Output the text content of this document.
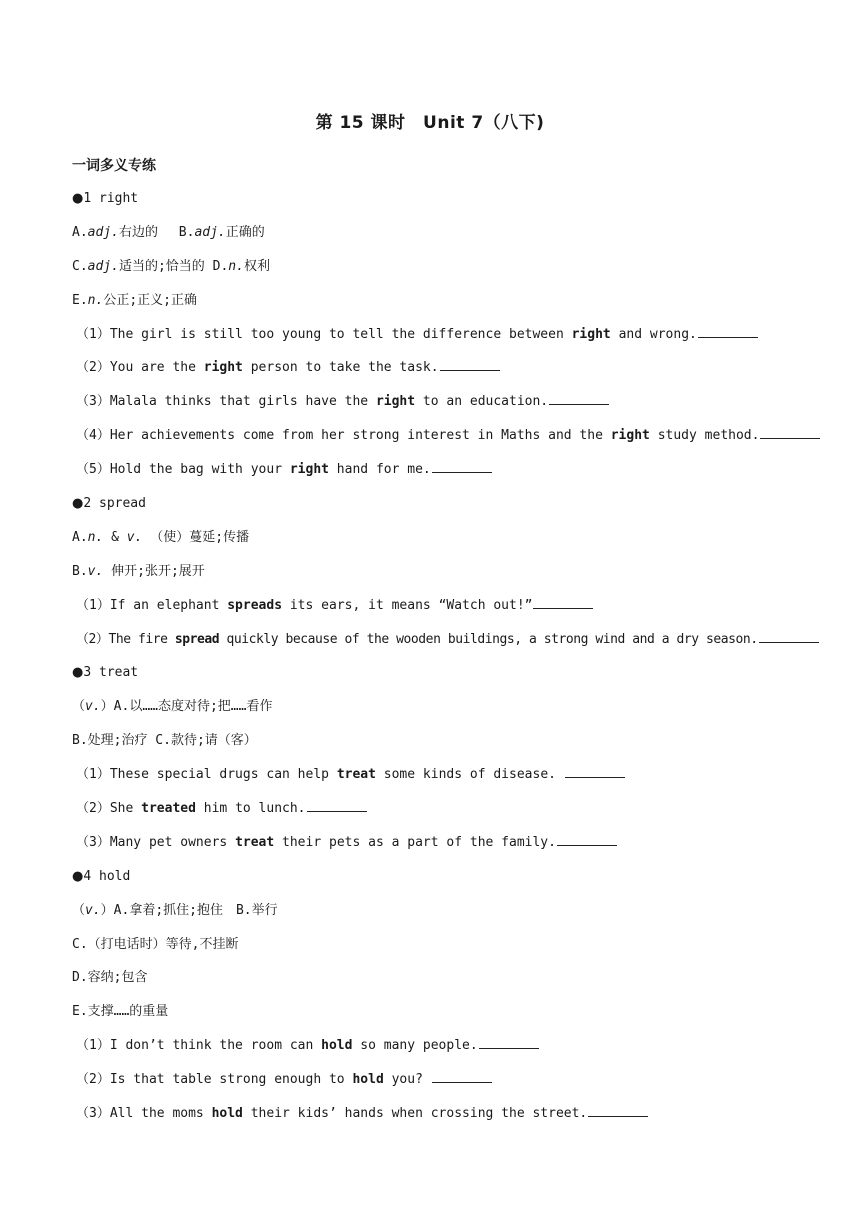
第 15 课时　Unit 7（八下)
一词多义专练
●1 right
A.adj.右边的　 B.adj.正确的
C.adj.适当的;恰当的 D.n.权利
E.n.公正;正义;正确
（1）The girl is still too young to tell the difference between right and wrong.
（2）You are the right person to take the task.
（3）Malala thinks that girls have the right to an education.
（4）Her achievements come from her strong interest in Maths and the right study method.
（5）Hold the bag with your right hand for me.
●2 spread
A.n. & v. （使）蔓延;传播
B.v. 伸开;张开;展开
（1）If an elephant spreads its ears, it means “Watch out!”
（2）The fire spread quickly because of the wooden buildings, a strong wind and a dry season.
●3 treat
（v.）A.以……态度对待;把……看作
B.处理;治疗 C.款待;请（客）
（1）These special drugs can help treat some kinds of disease.
（2）She treated him to lunch.
（3）Many pet owners treat their pets as a part of the family.
●4 hold
（v.）A.拿着;抓住;抱住　B.举行
C.（打电话时）等待,不挂断
D.容纳;包含
E.支撑……的重量
（1）I don’t think the room can hold so many people.
（2）Is that table strong enough to hold you?
（3）All the moms hold their kids’ hands when crossing the street.
